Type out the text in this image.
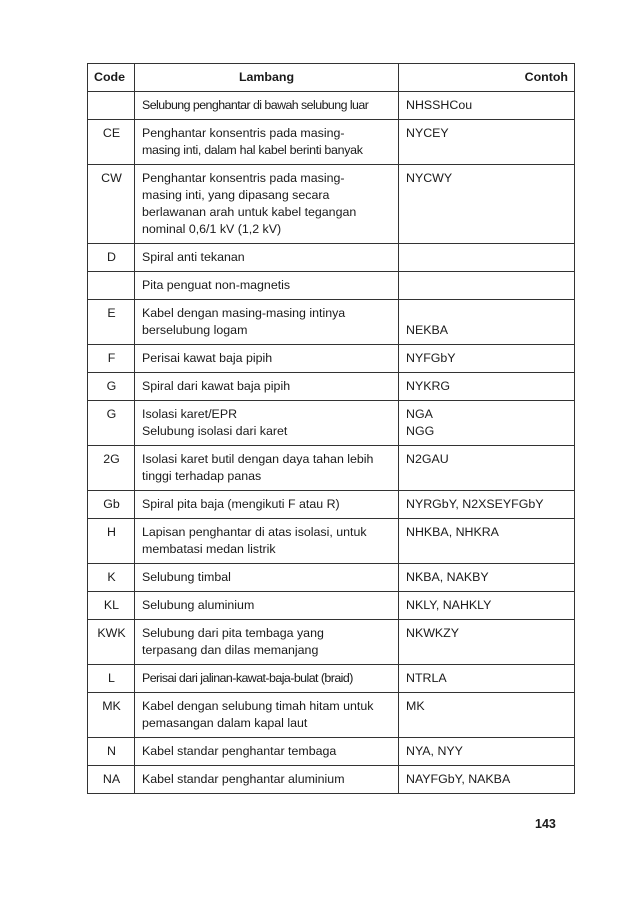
Code	Lambang	Contoh

	Selubung penghantar di bawah selubung luar	NHSSHCou

CE	Penghantar konsentris pada masing-
masing inti, dalam hal kabel berinti banyak	NYCEY

CW	Penghantar konsentris pada masing-
masing inti, yang dipasang secara
berlawanan arah untuk kabel tegangan
nominal 0,6/1 kV (1,2 kV)	NYCWY

D	Spiral anti tekanan	

	Pita penguat non-magnetis	

E	Kabel dengan masing-masing intinya
berselubung logam	NEKBA

F	Perisai kawat baja pipih	NYFGbY

G	Spiral dari kawat baja pipih	NYKRG

G	Isolasi karet/EPR
Selubung isolasi dari karet	NGA
NGG

2G	Isolasi karet butil dengan daya tahan lebih
tinggi terhadap panas	N2GAU

Gb	Spiral pita baja (mengikuti F atau R)	NYRGbY, N2XSEYFGbY

H	Lapisan penghantar di atas isolasi, untuk
membatasi medan listrik	NHKBA, NHKRA

K	Selubung timbal	NKBA, NAKBY

KL	Selubung aluminium	NKLY, NAHKLY

KWK	Selubung dari pita tembaga yang
terpasang dan dilas memanjang	NKWKZY

L	Perisai dari jalinan-kawat-baja-bulat (braid)	NTRLA

MK	Kabel dengan selubung timah hitam untuk
pemasangan dalam kapal laut	MK

N	Kabel standar penghantar tembaga	NYA, NYY

NA	Kabel standar penghantar aluminium	NAYFGbY, NAKBA
143
